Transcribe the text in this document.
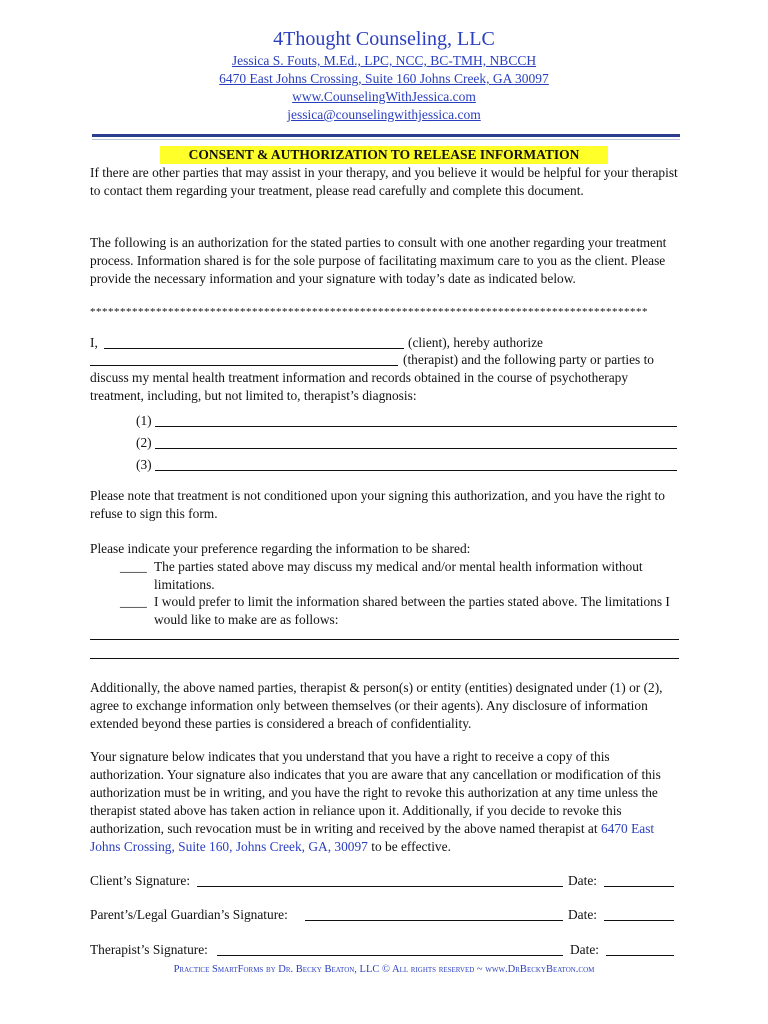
4Thought Counseling, LLC
Jessica S. Fouts, M.Ed., LPC, NCC, BC-TMH, NBCCH
6470 East Johns Crossing, Suite 160 Johns Creek, GA 30097
www.CounselingWithJessica.com
jessica@counselingwithjessica.com
CONSENT & AUTHORIZATION TO RELEASE INFORMATION
If there are other parties that may assist in your therapy, and you believe it would be helpful for your therapist to contact them regarding your treatment, please read carefully and complete this document.
The following is an authorization for the stated parties to consult with one another regarding your treatment process. Information shared is for the sole purpose of facilitating maximum care to you as the client. Please provide the necessary information and your signature with today’s date as indicated below.
*********************************************************************************************
I,	(client), hereby authorize
(therapist) and the following party or parties to
discuss my mental health treatment information and records obtained in the course of psychotherapy treatment, including, but not limited to, therapist’s diagnosis:
(1)
(2)
(3)
Please note that treatment is not conditioned upon your signing this authorization, and you have the right to refuse to sign this form.
Please indicate your preference regarding the information to be shared:
____ The parties stated above may discuss my medical and/or mental health information without limitations.
____ I would prefer to limit the information shared between the parties stated above. The limitations I would like to make are as follows:
Additionally, the above named parties, therapist & person(s) or entity (entities) designated under (1) or (2), agree to exchange information only between themselves (or their agents). Any disclosure of information extended beyond these parties is considered a breach of confidentiality.
Your signature below indicates that you understand that you have a right to receive a copy of this authorization. Your signature also indicates that you are aware that any cancellation or modification of this authorization must be in writing, and you have the right to revoke this authorization at any time unless the therapist stated above has taken action in reliance upon it. Additionally, if you decide to revoke this authorization, such revocation must be in writing and received by the above named therapist at 6470 East Johns Crossing, Suite 160, Johns Creek, GA, 30097 to be effective.
Client’s Signature:	Date:
Parent’s/Legal Guardian’s Signature:	Date:
Therapist’s Signature:	Date:
Practice SmartForms by Dr. Becky Beaton, LLC © All rights reserved ~ www.DrBeckyBeaton.com
